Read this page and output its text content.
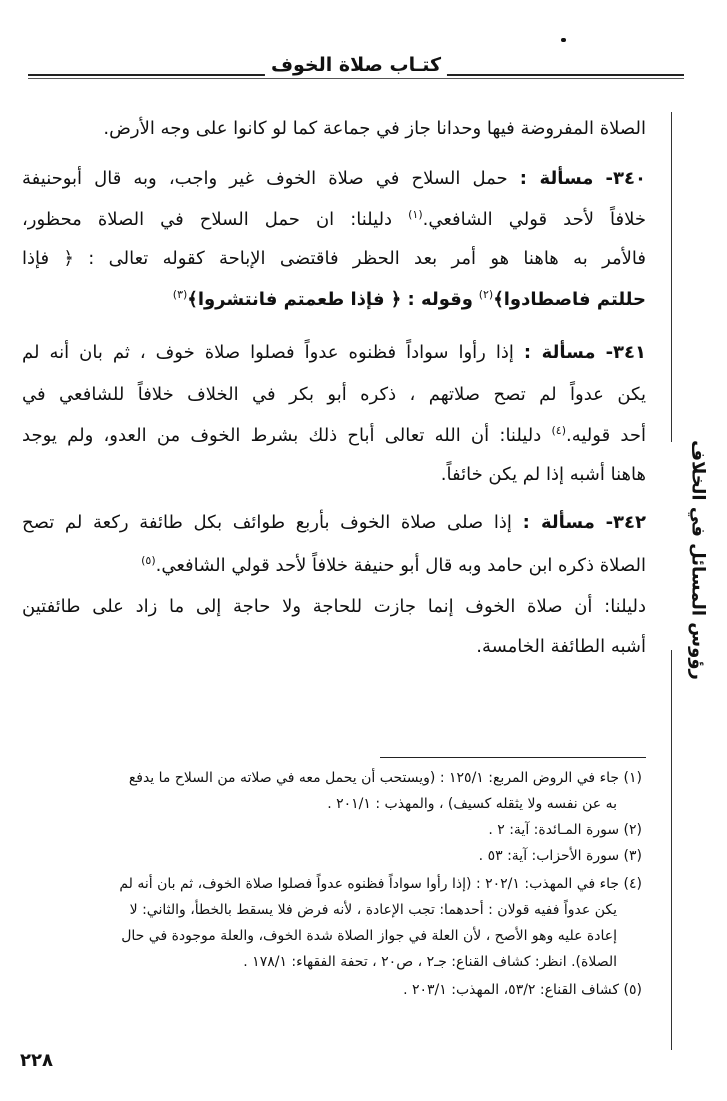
كتـاب صلاة الخوف
رؤوس المسائل في الخلاف
الصلاة المفروضة فيها وحدانا جاز في جماعة كما لو كانوا على وجه الأرض.
٣٤٠- مسألة : حمل السلاح في صلاة الخوف غير واجب، وبه قال أبوحنيفة
خلافاً لأحد قولي الشافعي.$^{(١)}$ دليلنا: ان حمل السلاح في الصلاة محظور،
فالأمر به هاهنا هو أمر بعد الحظر فاقتضى الإباحة كقوله تعالى : ﴿ فإذا
حللتم فاصطادوا﴾$^{(٢)}$ وقوله : ﴿ فإذا طعمتم فانتشروا﴾$^{(٣)}$
٣٤١- مسألة : إذا رأوا سواداً فظنوه عدواً فصلوا صلاة خوف ، ثم بان أنه لم
يكن عدواً لم تصح صلاتهم ، ذكره أبو بكر في الخلاف خلافاً للشافعي في
أحد قوليه.$^{(٤)}$ دليلنا: أن الله تعالى أباح ذلك بشرط الخوف من العدو، ولم يوجد
هاهنا أشبه إذا لم يكن خائفاً.
٣٤٢- مسألة : إذا صلى صلاة الخوف بأربع طوائف بكل طائفة ركعة لم تصح
الصلاة ذكره ابن حامد وبه قال أبو حنيفة خلافاً لأحد قولي الشافعي.$^{(٥)}$
دليلنا: أن صلاة الخوف إنما جازت للحاجة ولا حاجة إلى ما زاد على طائفتين
أشبه الطائفة الخامسة.
(١) جاء في الروض المربع: ١٢٥/١ : (ويستحب أن يحمل معه في صلاته من السلاح ما يدفع
به عن نفسه ولا يثقله كسيف) ، والمهذب : ٢٠١/١ .
(٢) سورة المـائدة: آية: ٢ .
(٣) سورة الأحزاب: آية: ٥٣ .
(٤) جاء في المهذب: ٢٠٢/١ : (إذا رأوا سواداً فظنوه عدواً فصلوا صلاة الخوف، ثم بان أنه لم
يكن عدواً ففيه قولان : أحدهما: تجب الإعادة ، لأنه فرض فلا يسقط بالخطأ، والثاني: لا
إعادة عليه وهو الأصح ، لأن العلة في جواز الصلاة شدة الخوف، والعلة موجودة في حال
الصلاة). انظر: كشاف القناع: جـ٢ ، ص٢٠ ، تحفة الفقهاء: ١٧٨/١ .
(٥) كشاف القناع: ٥٣/٢، المهذب: ٢٠٣/١ .
٢٢٨
